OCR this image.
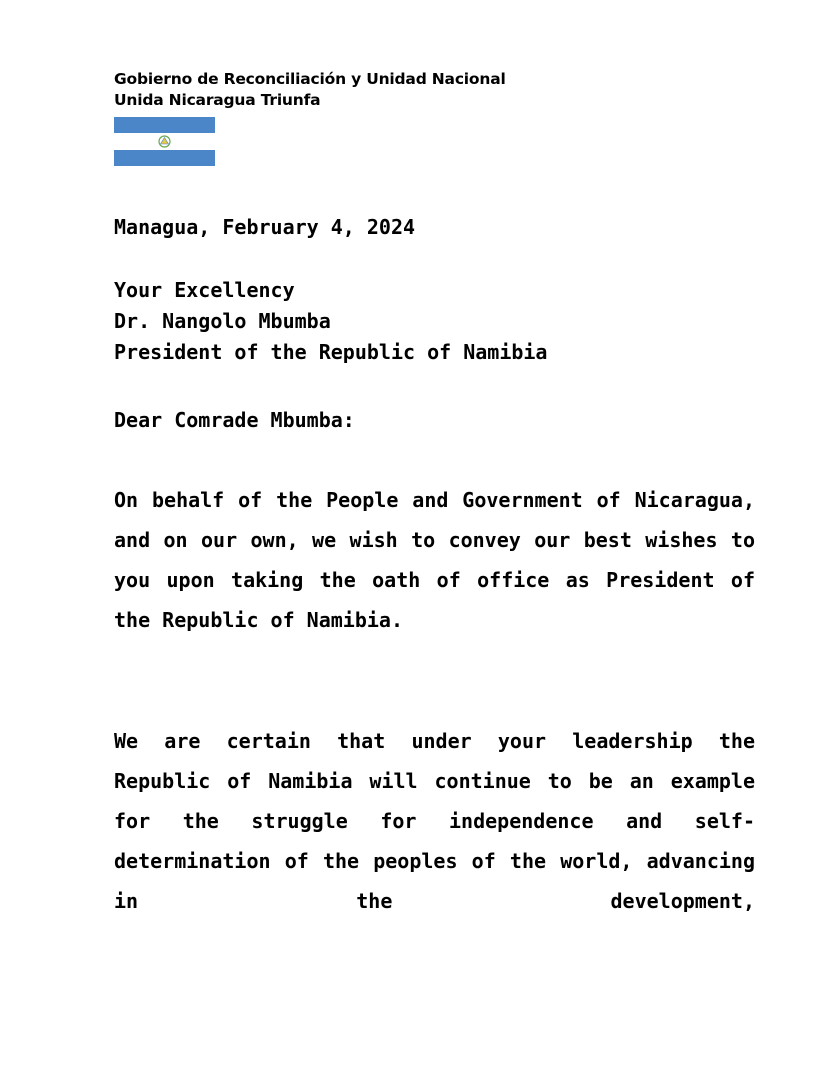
Gobierno de Reconciliación y Unidad Nacional
Unida Nicaragua Triunfa
Managua, February 4, 2024
Your Excellency
Dr. Nangolo Mbumba
President of the Republic of Namibia
Dear Comrade Mbumba:
On behalf of the People and Government of Nicaragua, and on our own, we wish to convey our best wishes to you upon taking the oath of office as President of the Republic of Namibia.
We are certain that under your leadership the Republic of Namibia will continue to be an example for the struggle for independence and self-determination of the peoples of the world, advancing in the development,
